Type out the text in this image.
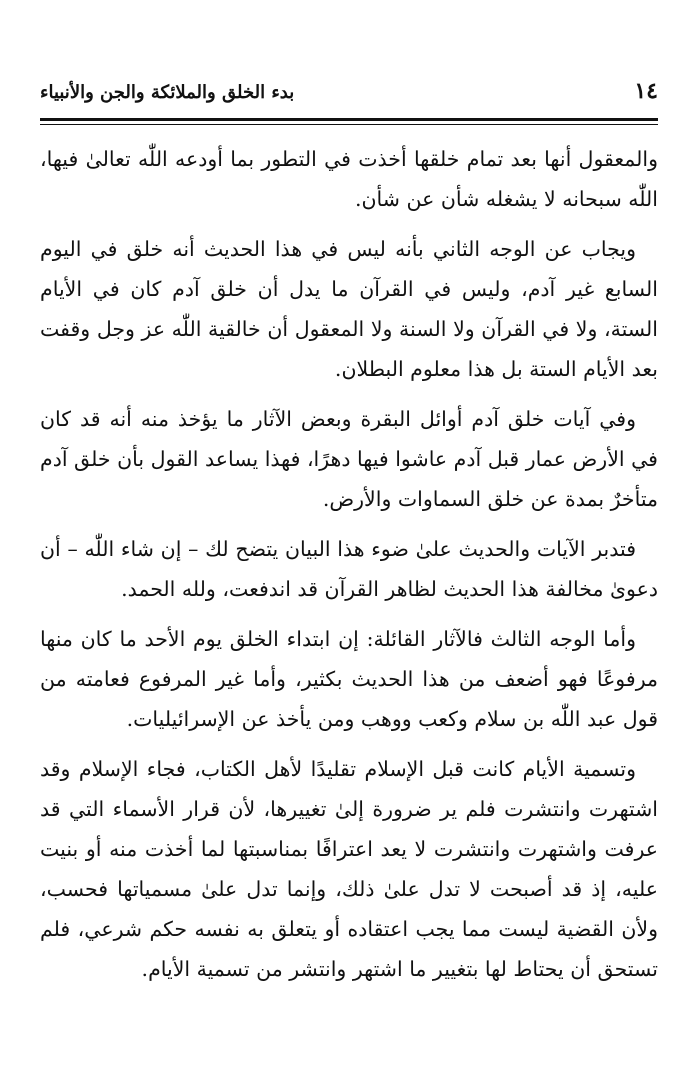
١٤
بدء الخلق والملائكة والجن والأنبياء

والمعقول أنها بعد تمام خلقها أخذت في التطور بما أودعه اللّٰه تعالىٰ فيها، اللّٰه سبحانه لا يشغله شأن عن شأن.

ويجاب عن الوجه الثاني بأنه ليس في هذا الحديث أنه خلق في اليوم السابع غير آدم، وليس في القرآن ما يدل أن خلق آدم كان في الأيام الستة، ولا في القرآن ولا السنة ولا المعقول أن خالقية اللّٰه عز وجل وقفت بعد الأيام الستة بل هذا معلوم البطلان.

وفي آيات خلق آدم أوائل البقرة وبعض الآثار ما يؤخذ منه أنه قد كان في الأرض عمار قبل آدم عاشوا فيها دهرًا، فهذا يساعد القول بأن خلق آدم متأخرٌ بمدة عن خلق السماوات والأرض.

فتدبر الآيات والحديث علىٰ ضوء هذا البيان يتضح لك – إن شاء اللّٰه – أن دعوىٰ مخالفة هذا الحديث لظاهر القرآن قد اندفعت، ولله الحمد.

وأما الوجه الثالث فالآثار القائلة: إن ابتداء الخلق يوم الأحد ما كان منها مرفوعًا فهو أضعف من هذا الحديث بكثير، وأما غير المرفوع فعامته من قول عبد اللّٰه بن سلام وكعب ووهب ومن يأخذ عن الإسرائيليات.

وتسمية الأيام كانت قبل الإسلام تقليدًا لأهل الكتاب، فجاء الإسلام وقد اشتهرت وانتشرت فلم ير ضرورة إلىٰ تغييرها، لأن قرار الأسماء التي قد عرفت واشتهرت وانتشرت لا يعد اعترافًا بمناسبتها لما أخذت منه أو بنيت عليه، إذ قد أصبحت لا تدل علىٰ ذلك، وإنما تدل علىٰ مسمياتها فحسب، ولأن القضية ليست مما يجب اعتقاده أو يتعلق به نفسه حكم شرعي، فلم تستحق أن يحتاط لها بتغيير ما اشتهر وانتشر من تسمية الأيام.
